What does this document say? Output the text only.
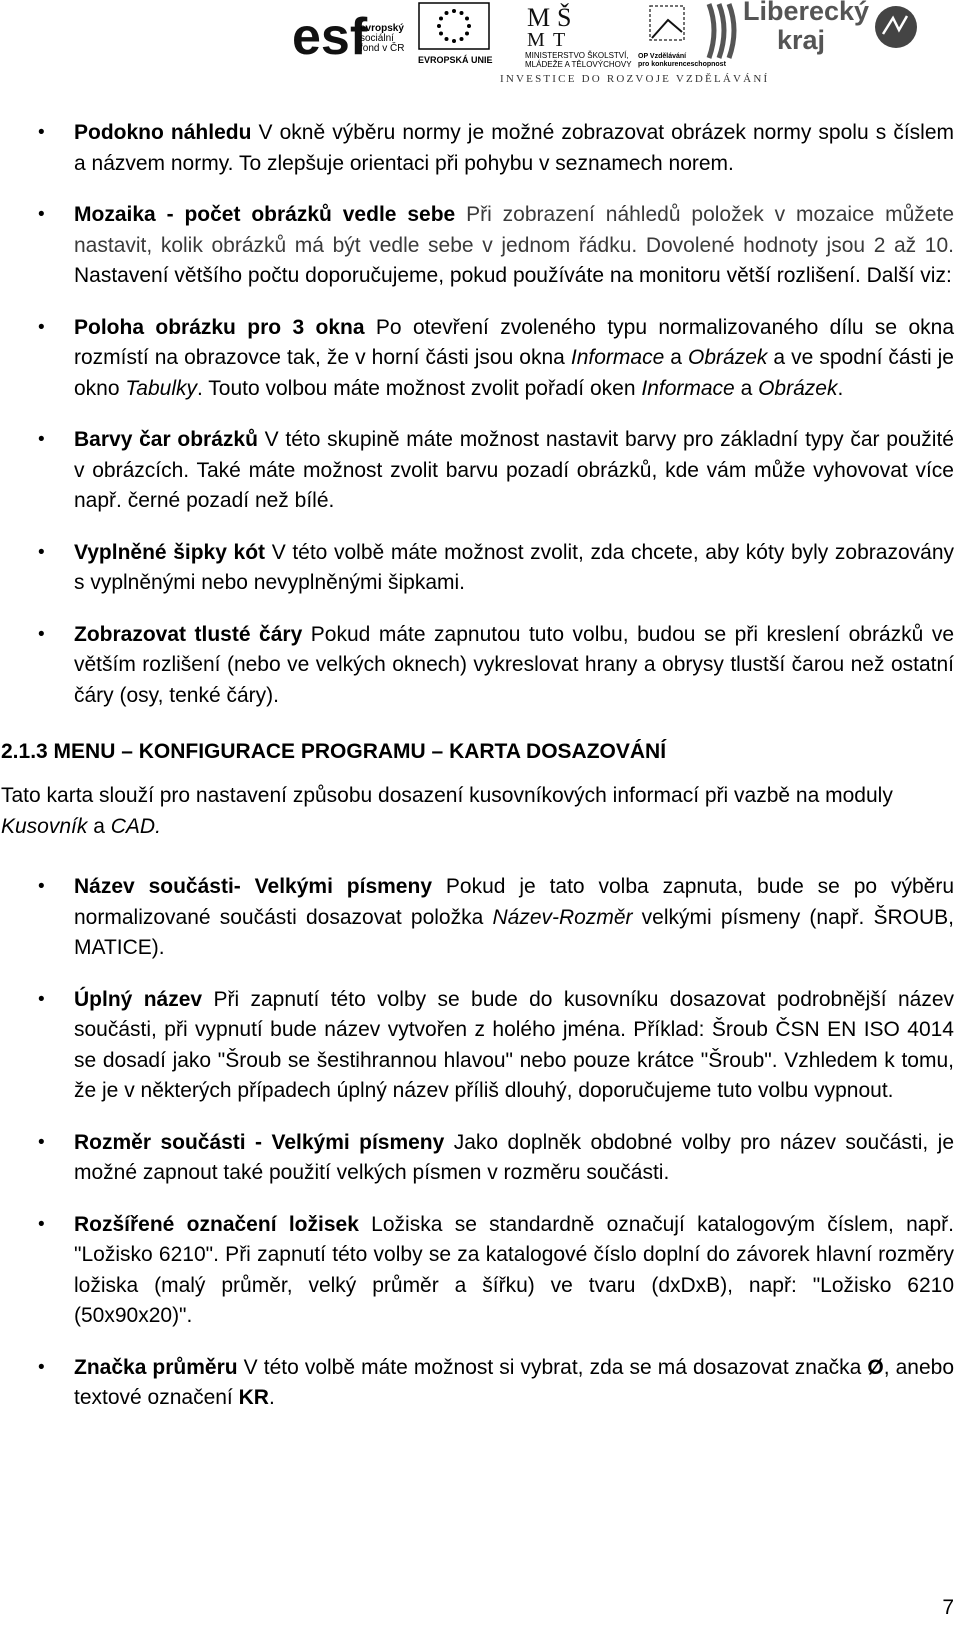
esf
evropský
sociální
fond v ČR
EVROPSKÁ UNIE
M Š
M T
MINISTERSTVO ŠKOLSTVÍ,
MLÁDEŽE A TĚLOVÝCHOVY
OP Vzdělávání
pro konkurenceschopnost
Liberecký
kraj
INVESTICE DO ROZVOJE VZDĚLÁVÁNÍ
• Podokno náhledu V okně výběru normy je možné zobrazovat obrázek normy spolu s číslem a názvem normy. To zlepšuje orientaci při pohybu v seznamech norem.
• Mozaika - počet obrázků vedle sebe Při zobrazení náhledů položek v mozaice můžete nastavit, kolik obrázků má být vedle sebe v jednom řádku. Dovolené hodnoty jsou 2 až 10. Nastavení většího počtu doporučujeme, pokud používáte na monitoru větší rozlišení. Další viz:
• Poloha obrázku pro 3 okna Po otevření zvoleného typu normalizovaného dílu se okna rozmístí na obrazovce tak, že v horní části jsou okna Informace a Obrázek a ve spodní části je okno Tabulky. Touto volbou máte možnost zvolit pořadí oken Informace a Obrázek.
• Barvy čar obrázků V této skupině máte možnost nastavit barvy pro základní typy čar použité v obrázcích. Také máte možnost zvolit barvu pozadí obrázků, kde vám může vyhovovat více např. černé pozadí než bílé.
• Vyplněné šipky kót V této volbě máte možnost zvolit, zda chcete, aby kóty byly zobrazovány s vyplněnými nebo nevyplněnými šipkami.
• Zobrazovat tlusté čáry Pokud máte zapnutou tuto volbu, budou se při kreslení obrázků ve větším rozlišení (nebo ve velkých oknech) vykreslovat hrany a obrysy tlustší čarou než ostatní čáry (osy, tenké čáry).
2.1.3 MENU – KONFIGURACE PROGRAMU – KARTA DOSAZOVÁNÍ
Tato karta slouží pro nastavení způsobu dosazení kusovníkových informací při vazbě na moduly Kusovník a CAD.
• Název součásti- Velkými písmeny Pokud je tato volba zapnuta, bude se po výběru normalizované součásti dosazovat položka Název-Rozměr velkými písmeny (např. ŠROUB, MATICE).
• Úplný název Při zapnutí této volby se bude do kusovníku dosazovat podrobnější název součásti, při vypnutí bude název vytvořen z holého jména. Příklad: Šroub ČSN EN ISO 4014 se dosadí jako "Šroub se šestihrannou hlavou" nebo pouze krátce "Šroub". Vzhledem k tomu, že je v některých případech úplný název příliš dlouhý, doporučujeme tuto volbu vypnout.
• Rozměr součásti - Velkými písmeny Jako doplněk obdobné volby pro název součásti, je možné zapnout také použití velkých písmen v rozměru součásti.
• Rozšířené označení ložisek Ložiska se standardně označují katalogovým číslem, např. "Ložisko 6210". Při zapnutí této volby se za katalogové číslo doplní do závorek hlavní rozměry ložiska (malý průměr, velký průměr a šířku) ve tvaru (dxDxB), např: "Ložisko 6210 (50x90x20)".
• Značka průměru V této volbě máte možnost si vybrat, zda se má dosazovat značka Ø, anebo textové označení KR.
7
